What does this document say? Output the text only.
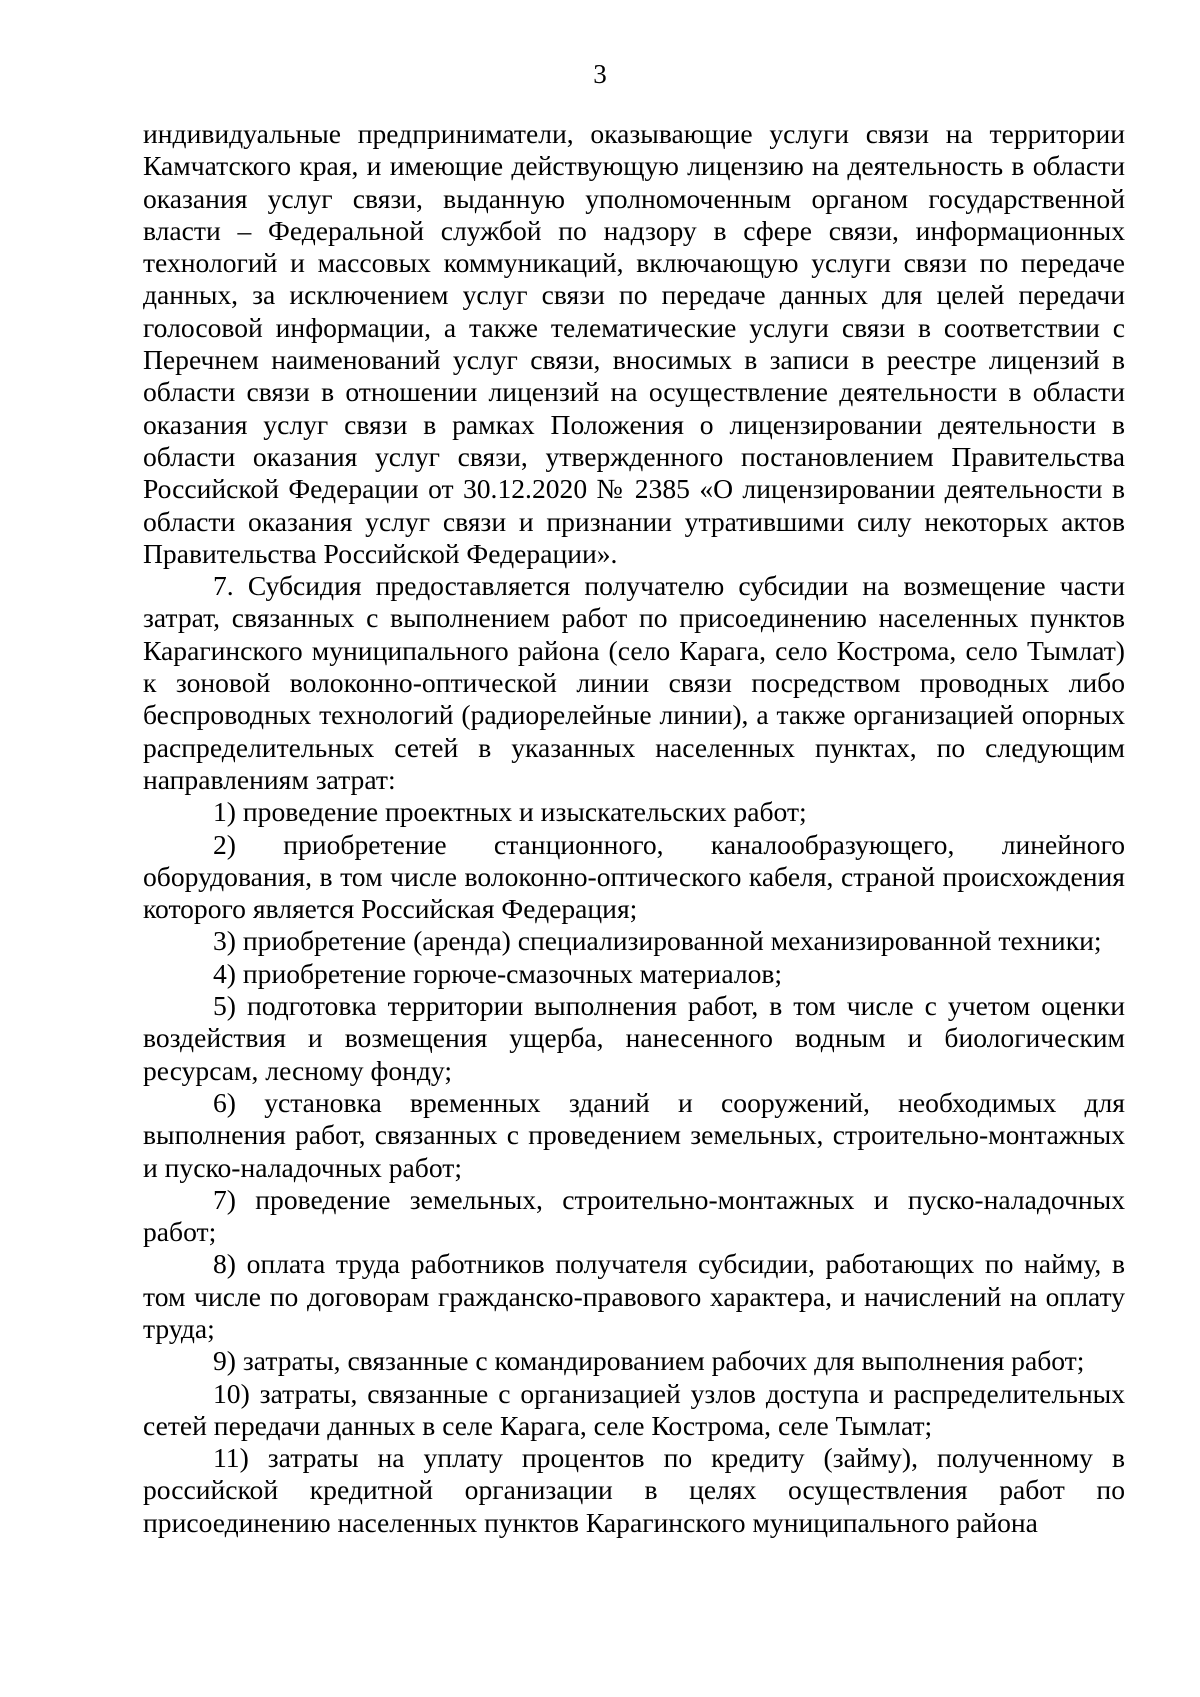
3

индивидуальные предприниматели, оказывающие услуги связи на территории Камчатского края, и имеющие действующую лицензию на деятельность в области оказания услуг связи, выданную уполномоченным органом государственной власти – Федеральной службой по надзору в сфере связи, информационных технологий и массовых коммуникаций, включающую услуги связи по передаче данных, за исключением услуг связи по передаче данных для целей передачи голосовой информации, а также телематические услуги связи в соответствии с Перечнем наименований услуг связи, вносимых в записи в реестре лицензий в области связи в отношении лицензий на осуществление деятельности в области оказания услуг связи в рамках Положения о лицензировании деятельности в области оказания услуг связи, утвержденного постановлением Правительства Российской Федерации от 30.12.2020 № 2385 «О лицензировании деятельности в области оказания услуг связи и признании утратившими силу некоторых актов Правительства Российской Федерации».

7. Субсидия предоставляется получателю субсидии на возмещение части затрат, связанных с выполнением работ по присоединению населенных пунктов Карагинского муниципального района (село Карага, село Кострома, село Тымлат) к зоновой волоконно-оптической линии связи посредством проводных либо беспроводных технологий (радиорелейные линии), а также организацией опорных распределительных сетей в указанных населенных пунктах, по следующим направлениям затрат:

1) проведение проектных и изыскательских работ;

2) приобретение станционного, каналообразующего, линейного оборудования, в том числе волоконно-оптического кабеля, страной происхождения которого является Российская Федерация;

3) приобретение (аренда) специализированной механизированной техники;

4) приобретение горюче-смазочных материалов;

5) подготовка территории выполнения работ, в том числе с учетом оценки воздействия и возмещения ущерба, нанесенного водным и биологическим ресурсам, лесному фонду;

6) установка временных зданий и сооружений, необходимых для выполнения работ, связанных с проведением земельных, строительно-монтажных и пуско-наладочных работ;

7) проведение земельных, строительно-монтажных и пуско-наладочных работ;

8) оплата труда работников получателя субсидии, работающих по найму, в том числе по договорам гражданско-правового характера, и начислений на оплату труда;

9) затраты, связанные с командированием рабочих для выполнения работ;

10) затраты, связанные с организацией узлов доступа и распределительных сетей передачи данных в селе Карага, селе Кострома, селе Тымлат;

11) затраты на уплату процентов по кредиту (займу), полученному в российской кредитной организации в целях осуществления работ по присоединению населенных пунктов Карагинского муниципального района
